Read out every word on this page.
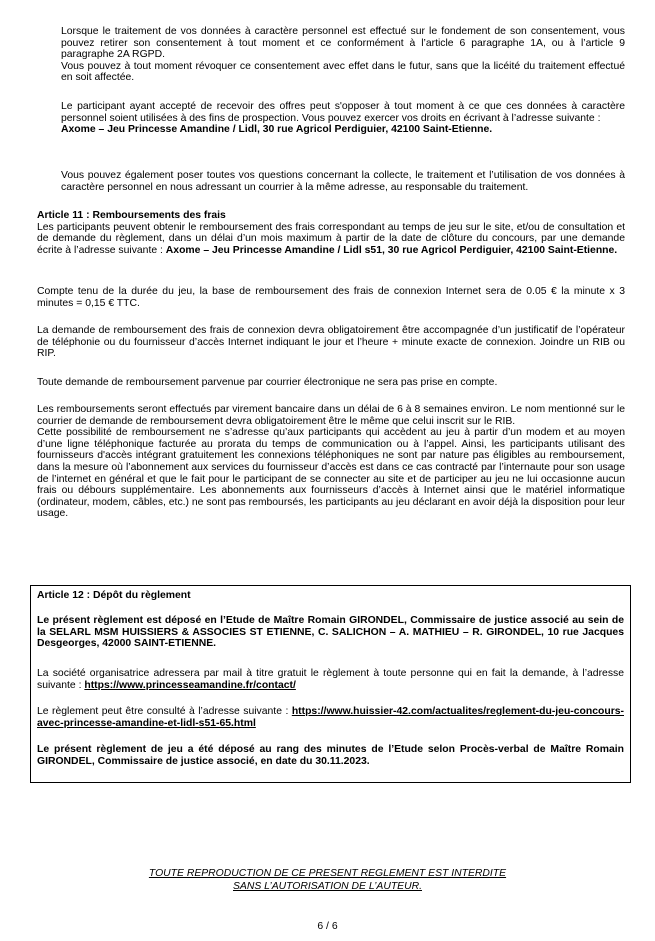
Lorsque le traitement de vos données à caractère personnel est effectué sur le fondement de son consentement, vous pouvez retirer son consentement à tout moment et ce conformément à l’article 6 paragraphe 1A, ou à l’article 9 paragraphe 2A RGPD.

Vous pouvez à tout moment révoquer ce consentement avec effet dans le futur, sans que la licéité du traitement effectué en soit affectée.

Le participant ayant accepté de recevoir des offres peut s'opposer à tout moment à ce que ces données à caractère personnel soient utilisées à des fins de prospection. Vous pouvez exercer vos droits en écrivant à l’adresse suivante :

Axome – Jeu Princesse Amandine / Lidl, 30 rue Agricol Perdiguier, 42100 Saint-Etienne.

Vous pouvez également poser toutes vos questions concernant la collecte, le traitement et l’utilisation de vos données à caractère personnel en nous adressant un courrier à la même adresse, au responsable du traitement.

Article 11 : Remboursements des frais

Les participants peuvent obtenir le remboursement des frais correspondant au temps de jeu sur le site, et/ou de consultation et de demande du règlement, dans un délai d’un mois maximum à partir de la date de clôture du concours, par une demande écrite à l’adresse suivante : Axome – Jeu Princesse Amandine / Lidl s51, 30 rue Agricol Perdiguier, 42100 Saint-Etienne.

Compte tenu de la durée du jeu, la base de remboursement des frais de connexion Internet sera de 0.05 € la minute x 3 minutes = 0,15 € TTC.

La demande de remboursement des frais de connexion devra obligatoirement être accompagnée d’un justificatif de l’opérateur de téléphonie ou du fournisseur d’accès Internet indiquant le jour et l’heure + minute exacte de connexion. Joindre un RIB ou RIP.

Toute demande de remboursement parvenue par courrier électronique ne sera pas prise en compte.

Les remboursements seront effectués par virement bancaire dans un délai de 6 à 8 semaines environ. Le nom mentionné sur le courrier de demande de remboursement devra obligatoirement être le même que celui inscrit sur le RIB.

Cette possibilité de remboursement ne s’adresse qu’aux participants qui accèdent au jeu à partir d’un modem et au moyen d’une ligne téléphonique facturée au prorata du temps de communication ou à l’appel. Ainsi, les participants utilisant des fournisseurs d'accès intégrant gratuitement les connexions téléphoniques ne sont par nature pas éligibles au remboursement, dans la mesure où l’abonnement aux services du fournisseur d’accès est dans ce cas contracté par l’internaute pour son usage de l’internet en général et que le fait pour le participant de se connecter au site et de participer au jeu ne lui occasionne aucun frais ou débours supplémentaire. Les abonnements aux fournisseurs d’accès à Internet ainsi que le matériel informatique (ordinateur, modem, câbles, etc.) ne sont pas remboursés, les participants au jeu déclarant en avoir déjà la disposition pour leur usage.

Article 12 : Dépôt du règlement

Le présent règlement est déposé en l’Etude de Maître Romain GIRONDEL, Commissaire de justice associé au sein de la SELARL MSM HUISSIERS & ASSOCIES ST ETIENNE, C. SALICHON – A. MATHIEU – R. GIRONDEL, 10 rue Jacques Desgeorges, 42000 SAINT-ETIENNE.

La société organisatrice adressera par mail à titre gratuit le règlement à toute personne qui en fait la demande, à l’adresse suivante : https://www.princesseamandine.fr/contact/

Le règlement peut être consulté à l’adresse suivante : https://www.huissier-42.com/actualites/reglement-du-jeu-concours-avec-princesse-amandine-et-lidl-s51-65.html

Le présent règlement de jeu a été déposé au rang des minutes de l’Etude selon Procès-verbal de Maître Romain GIRONDEL, Commissaire de justice associé, en date du 30.11.2023.

TOUTE REPRODUCTION DE CE PRESENT REGLEMENT EST INTERDITE
SANS L’AUTORISATION DE L’AUTEUR.
6 / 6
